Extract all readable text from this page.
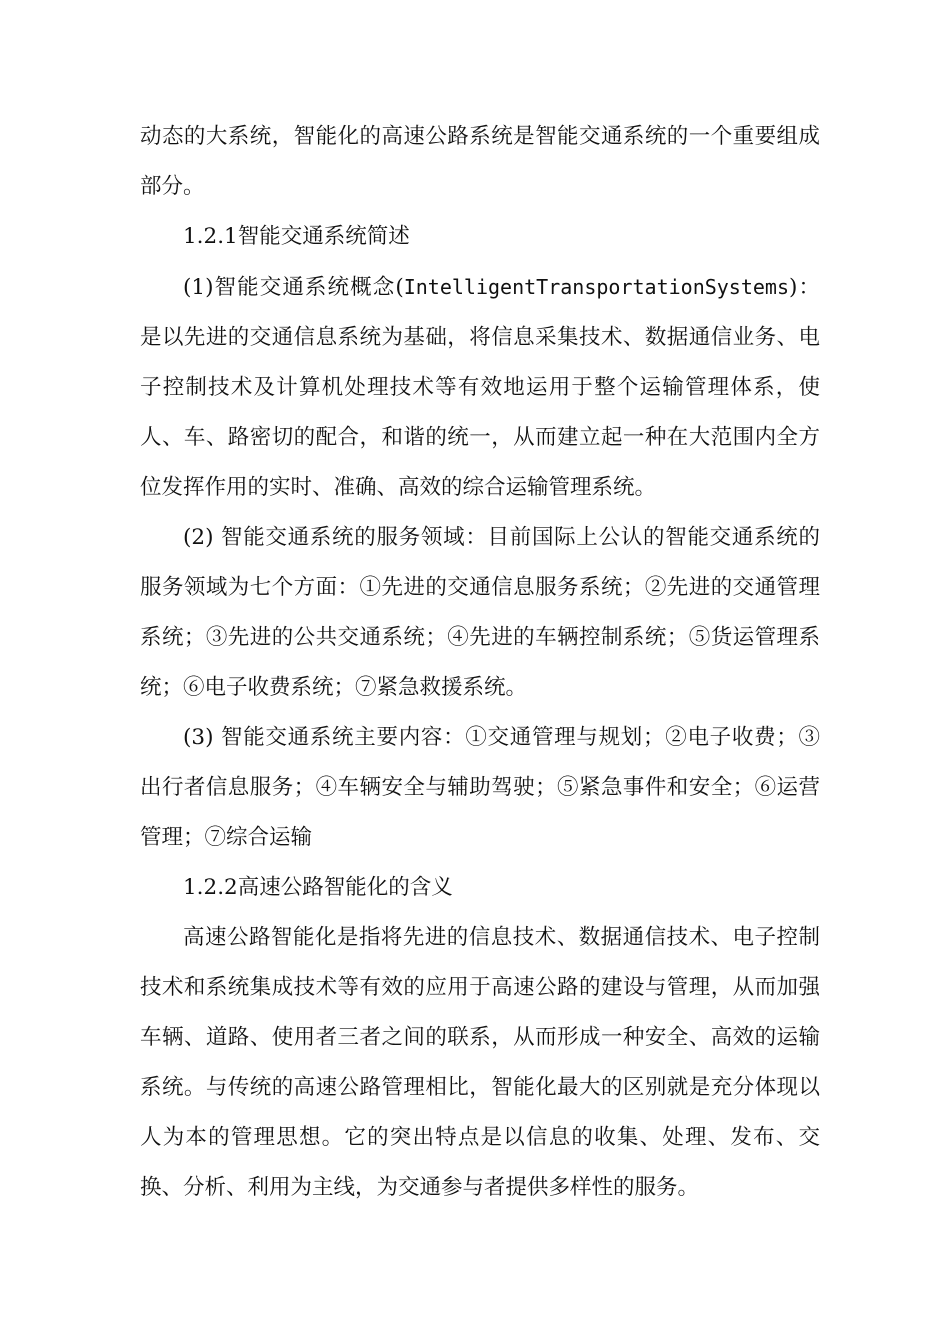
动态的大系统，智能化的高速公路系统是智能交通系统的一个重要组成部分。

1.2.1智能交通系统简述

(1)智能交通系统概念(IntelligentTransportationSystems)：是以先进的交通信息系统为基础，将信息采集技术、数据通信业务、电子控制技术及计算机处理技术等有效地运用于整个运输管理体系，使人、车、路密切的配合，和谐的统一，从而建立起一种在大范围内全方位发挥作用的实时、准确、高效的综合运输管理系统。

(2) 智能交通系统的服务领域：目前国际上公认的智能交通系统的服务领域为七个方面：①先进的交通信息服务系统；②先进的交通管理系统；③先进的公共交通系统；④先进的车辆控制系统；⑤货运管理系统；⑥电子收费系统；⑦紧急救援系统。

(3) 智能交通系统主要内容：①交通管理与规划；②电子收费；③出行者信息服务；④车辆安全与辅助驾驶；⑤紧急事件和安全；⑥运营管理；⑦综合运输

1.2.2高速公路智能化的含义

高速公路智能化是指将先进的信息技术、数据通信技术、电子控制技术和系统集成技术等有效的应用于高速公路的建设与管理，从而加强车辆、道路、使用者三者之间的联系，从而形成一种安全、高效的运输系统。与传统的高速公路管理相比，智能化最大的区别就是充分体现以人为本的管理思想。它的突出特点是以信息的收集、处理、发布、交换、分析、利用为主线，为交通参与者提供多样性的服务。
